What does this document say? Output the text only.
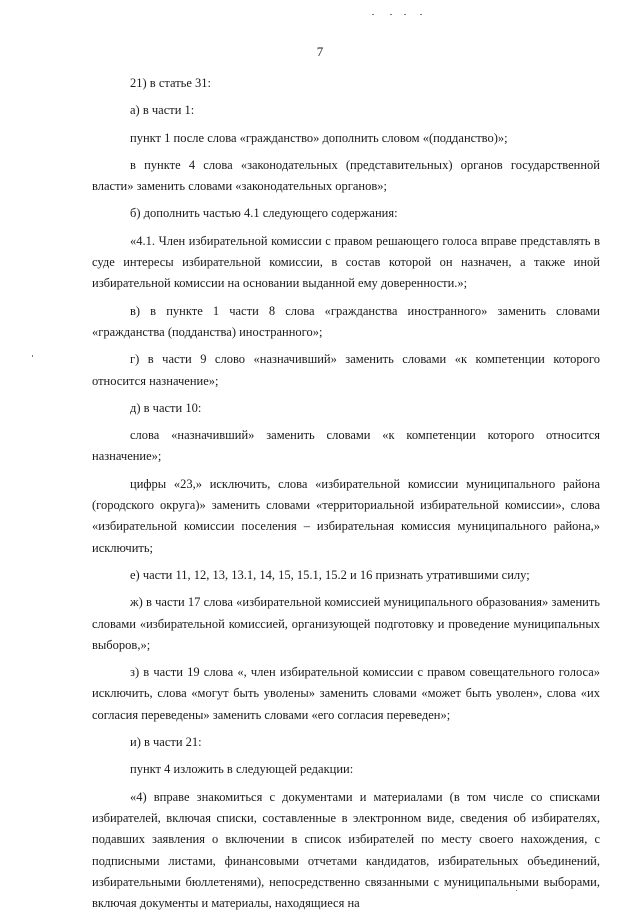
7

21) в статье 31:

а) в части 1:

пункт 1 после слова «гражданство» дополнить словом «(подданство)»;

в пункте 4 слова «законодательных (представительных) органов государственной власти» заменить словами «законодательных органов»;

б) дополнить частью 4.1 следующего содержания:

«4.1. Член избирательной комиссии с правом решающего голоса вправе представлять в суде интересы избирательной комиссии, в состав которой он назначен, а также иной избирательной комиссии на основании выданной ему доверенности.»;

в) в пункте 1 части 8 слова «гражданства иностранного» заменить словами «гражданства (подданства) иностранного»;

г) в части 9 слово «назначивший» заменить словами «к компетенции которого относится назначение»;

д) в части 10:

слова «назначивший» заменить словами «к компетенции которого относится назначение»;

цифры «23,» исключить, слова «избирательной комиссии муниципального района (городского округа)» заменить словами «территориальной избирательной комиссии», слова «избирательной комиссии поселения – избирательная комиссия муниципального района,» исключить;

е) части 11, 12, 13, 13.1, 14, 15, 15.1, 15.2 и 16 признать утратившими силу;

ж) в части 17 слова «избирательной комиссией муниципального образования» заменить словами «избирательной комиссией, организующей подготовку и проведение муниципальных выборов,»;

з) в части 19 слова «, член избирательной комиссии с правом совещательного голоса» исключить, слова «могут быть уволены» заменить словами «может быть уволен», слова «их согласия переведены» заменить словами «его согласия переведен»;

и) в части 21:

пункт 4 изложить в следующей редакции:

«4) вправе знакомиться с документами и материалами (в том числе со списками избирателей, включая списки, составленные в электронном виде, сведения об избирателях, подавших заявления о включении в список избирателей по месту своего нахождения, с подписными листами, финансовыми отчетами кандидатов, избирательных объединений, избирательными бюллетенями), непосредственно связанными с муниципальными выборами, включая документы и материалы, находящиеся на
